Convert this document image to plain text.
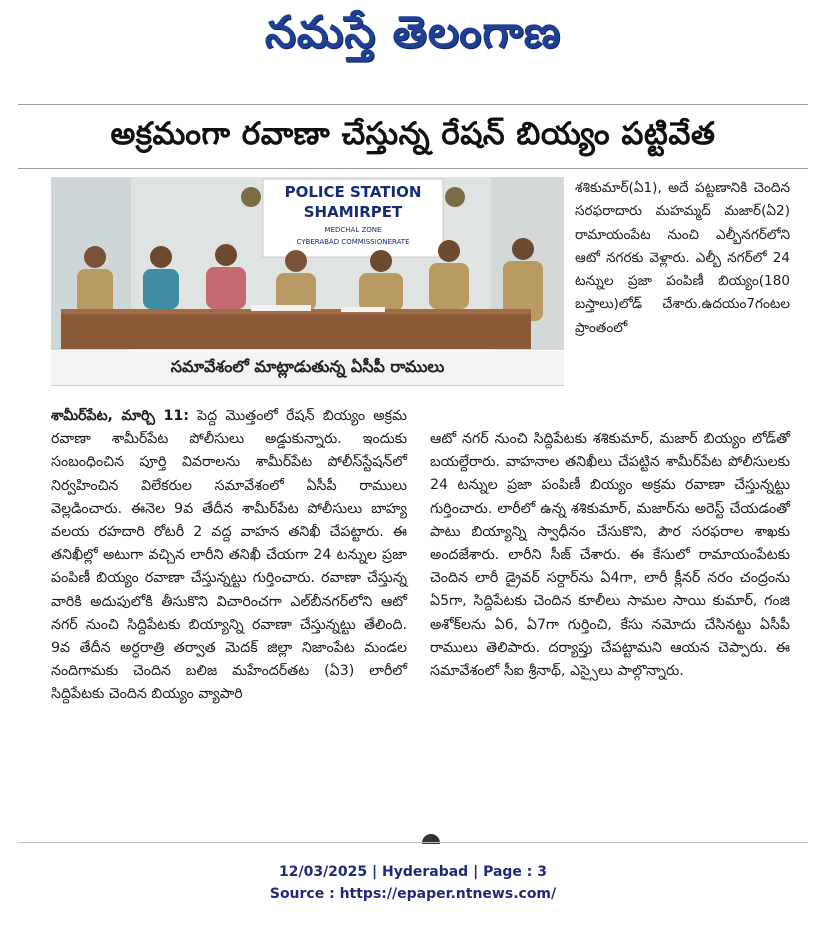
నమస్తే తెలంగాణ
అక్రమంగా రవాణా చేస్తున్న రేషన్ బియ్యం పట్టివేత
POLICE STATION
SHAMIRPET
MEDCHAL ZONE
CYBERABAD COMMISSIONERATE
సమావేశంలో మాట్లాడుతున్న ఏసీపీ రాములు

శామీర్‌పేట, మార్చి 11: పెద్ద మొత్తంలో రేషన్ బియ్యం అక్రమ రవాణా శామీర్‌పేట పోలీసులు అడ్డుకున్నారు. ఇందుకు సంబంధించిన పూర్తి వివరాలను శామీర్‌పేట పోలీస్‌స్టేషన్‌లో నిర్వహించిన విలేకరుల సమావేశంలో ఏసీపీ రాములు వెల్లడించారు. ఈనెల 9వ తేదీన శామీర్‌పేట పోలీసులు బాహ్య వలయ రహదారి రోటరీ 2 వద్ద వాహన తనిఖీ చేపట్టారు. ఈ తనిఖీల్లో అటుగా వచ్చిన లారీని తనిఖీ చేయగా 24 టన్నుల ప్రజా పంపిణీ బియ్యం రవాణా చేస్తున్నట్టు గుర్తించారు. రవాణా చేస్తున్న వారికి అదుపులోకి తీసుకొని విచారించగా ఎల్‌బీనగర్‌లోని ఆటో నగర్ నుంచి సిద్దిపేటకు బియ్యాన్ని రవాణా చేస్తున్నట్టు తేలింది. 9వ తేదీన అర్ధరాత్రి తర్వాత మెదక్ జిల్లా నిజాంపేట మండల నందిగామకు చెందిన బలిజ మహేందర్‌తట (ఏ3) లారీలో సిద్దిపేటకు చెందిన బియ్యం వ్యాపారి

శశికుమార్(ఏ1), అదే పట్టణానికి చెందిన సరఫరాదారు మహమ్మద్ మజార్(ఏ2) రామాయంపేట నుంచి ఎల్బీనగర్‌లోని ఆటో నగరకు వెళ్లారు. ఎల్బీ నగర్‌లో 24 టన్నుల ప్రజా పంపిణీ బియ్యం(180 బస్తాలు)లోడ్ చేశారు.ఉదయం7గంటల ప్రాంతంలో

ఆటో నగర్ నుంచి సిద్దిపేటకు శశికుమార్, మజార్ బియ్యం లోడ్‌తో బయల్దేరారు. వాహనాల తనిఖీలు చేపట్టిన శామీర్‌పేట పోలీసులకు 24 టన్నుల ప్రజా పంపిణీ బియ్యం అక్రమ రవాణా చేస్తున్నట్టు గుర్తించారు. లారీలో ఉన్న శశికుమార్, మజార్‌ను అరెస్ట్ చేయడంతో పాటు బియ్యాన్ని స్వాధీనం చేసుకొని, పౌర సరఫరాల శాఖకు అందజేశారు. లారీని సీజ్ చేశారు. ఈ కేసులో రామాయంపేటకు చెందిన లారీ డ్రైవర్ సర్దార్‌ను ఏ4గా, లారీ క్లీనర్ నరం చంద్రంను ఏ5గా, సిద్దిపేటకు చెందిన కూలీలు సామల సాయి కుమార్, గంజి అశోక్‌లను ఏ6, ఏ7గా గుర్తించి, కేసు నమోదు చేసినట్టు ఏసీపీ రాములు తెలిపారు. దర్యాప్తు చేపట్టామని ఆయన చెప్పారు. ఈ సమావేశంలో సీఐ శ్రీనాథ్, ఎస్సైలు పాల్గొన్నారు.

12/03/2025 | Hyderabad | Page : 3
Source : https://epaper.ntnews.com/
